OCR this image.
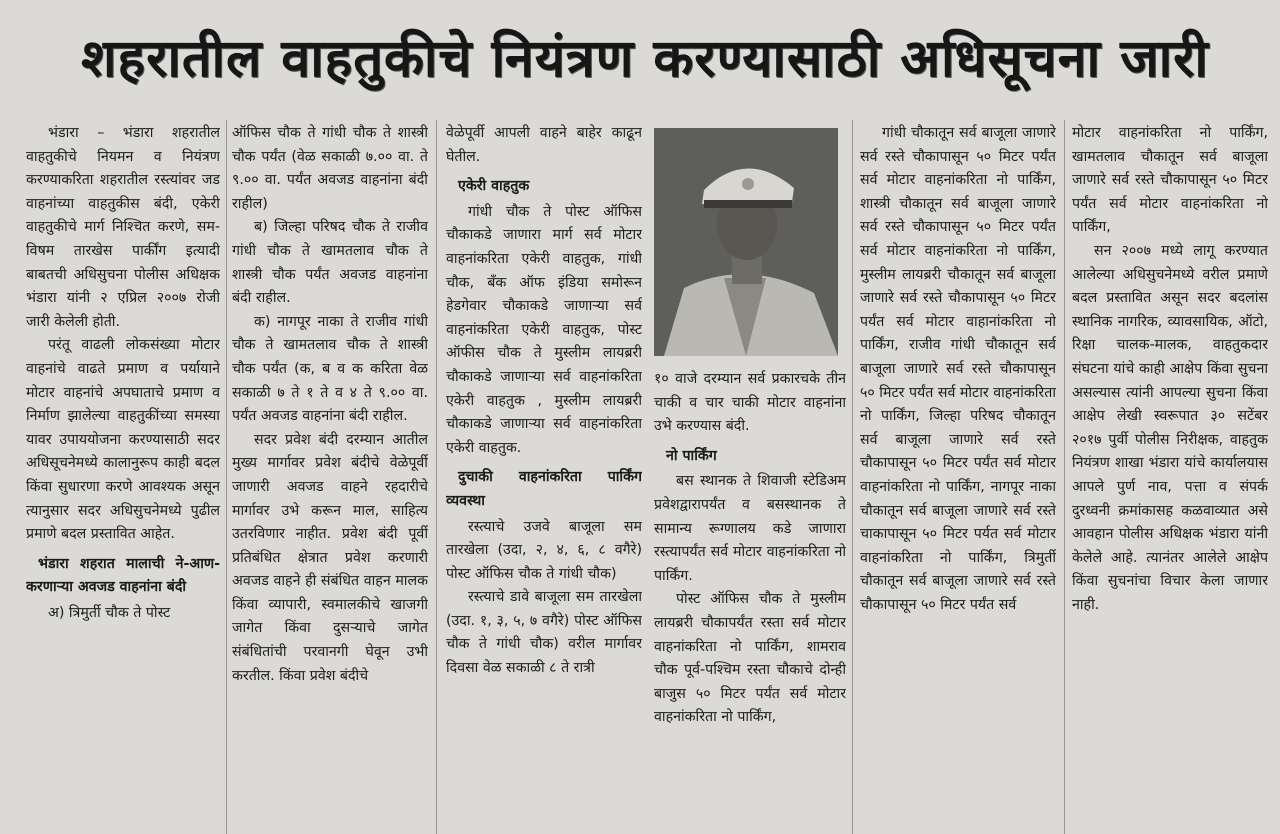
शहरातील वाहतुकीचे नियंत्रण करण्यासाठी अधिसूचना जारी

भंडारा – भंडारा शहरातील वाहतुकीचे नियमन व नियंत्रण करण्याकरिता शहरातील रस्त्यांवर जड वाहनांच्या वाहतुकीस बंदी, एकेरी वाहतुकीचे मार्ग निश्चित करणे, सम-विषम तारखेस पार्कींग इत्यादी बाबतची अधिसुचना पोलीस अधिक्षक भंडारा यांनी २ एप्रिल २००७ रोजी जारी केलेली होती.

परंतू वाढली लोकसंख्या मोटार वाहनांचे वाढते प्रमाण व पर्यायाने मोटार वाहनांचे अपघाताचे प्रमाण व निर्माण झालेल्या वाहतुकींच्या समस्या यावर उपाययोजना करण्यासाठी सदर अधिसूचनेमध्ये कालानुरूप काही बदल किंवा सुधारणा करणे आवश्यक असून त्यानुसार सदर अधिसुचनेमध्ये पुढील प्रमाणे बदल प्रस्तावित आहेत.

भंडारा शहरात मालाची ने-आण-करणाऱ्या अवजड वाहनांना बंदी

अ) त्रिमुर्ती चौक ते पोस्ट

ऑफिस चौक ते गांधी चौक ते शास्त्री चौक पर्यंत (वेळ सकाळी ७.०० वा. ते ९.०० वा. पर्यंत अवजड वाहनांना बंदी राहील)

ब) जिल्हा परिषद चौक ते राजीव गांधी चौक ते खामतलाव चौक ते शास्त्री चौक पर्यंत अवजड वाहनांना बंदी राहील.

क) नागपूर नाका ते राजीव गांधी चौक ते खामतलाव चौक ते शास्त्री चौक पर्यंत (क, ब व क करिता वेळ सकाळी ७ ते १ ते व ४ ते ९.०० वा. पर्यंत अवजड वाहनांना बंदी राहील.

सदर प्रवेश बंदी दरम्यान आतील मुख्य मार्गावर प्रवेश बंदीचे वेळेपूर्वी जाणारी अवजड वाहने रहदारीचे मार्गावर उभे करून माल, साहित्य उतरविणार नाहीत. प्रवेश बंदी पूर्वी प्रतिबंधित क्षेत्रात प्रवेश करणारी अवजड वाहने ही संबंधित वाहन मालक किंवा व्यापारी, स्वमालकीचे खाजगी जागेत किंवा दुसऱ्याचे जागेत संबंधितांची परवानगी घेवून उभी करतील. किंवा प्रवेश बंदीचे

वेळेपूर्वी आपली वाहने बाहेर काढून घेतील.

एकेरी वाहतुक

गांधी चौक ते पोस्ट ऑफिस चौकाकडे जाणारा मार्ग सर्व मोटार वाहनांकरिता एकेरी वाहतुक, गांधी चौक, बँक ऑफ इंडिया समोरून हेडगेवार चौकाकडे जाणाऱ्या सर्व वाहनांकरिता एकेरी वाहतुक, पोस्ट ऑफीस चौक ते मुस्लीम लायब्ररी चौकाकडे जाणाऱ्या सर्व वाहनांकरिता एकेरी वाहतुक , मुस्लीम लायब्ररी चौकाकडे जाणाऱ्या सर्व वाहनांकरिता एकेरी वाहतुक.

दुचाकी वाहनांकरिता पार्किंग व्यवस्था

रस्त्याचे उजवे बाजूला सम तारखेला (उदा, २, ४, ६, ८ वगैरे) पोस्ट ऑफिस चौक ते गांधी चौक)

रस्त्याचे डावे बाजूला सम तारखेला (उदा. १, ३, ५, ७ वगैरे) पोस्ट ऑफिस चौक ते गांधी चौक) वरील मार्गावर दिवसा वेळ सकाळी ८ ते रात्री

१० वाजे दरम्यान सर्व प्रकारचके तीन चाकी व चार चाकी मोटार वाहनांना उभे करण्यास बंदी.

नो पार्किंग

बस स्थानक ते शिवाजी स्टेडिअम प्रवेशद्वारापर्यंत व बसस्थानक ते सामान्य रूग्णालय कडे जाणारा रस्त्यापर्यंत सर्व मोटार वाहनांकरिता नो पार्किंग.

पोस्ट ऑफिस चौक ते मुस्लीम लायब्ररी चौकापर्यंत रस्ता सर्व मोटार वाहनांकरिता नो पार्किंग, शामराव चौक पूर्व-पश्चिम रस्ता चौकाचे दोन्ही बाजुस ५० मिटर पर्यंत सर्व मोटार वाहनांकरिता नो पार्किंग,

गांधी चौकातून सर्व बाजूला जाणारे सर्व रस्ते चौकापासून ५० मिटर पर्यंत सर्व मोटार वाहनांकरिता नो पार्किंग, शास्त्री चौकातून सर्व बाजूला जाणारे सर्व रस्ते चौकापासून ५० मिटर पर्यंत सर्व मोटार वाहनांकरिता नो पार्किंग, मुस्लीम लायब्ररी चौकातून सर्व बाजूला जाणारे सर्व रस्ते चौकापासून ५० मिटर पर्यंत सर्व मोटार वाहानांकरिता नो पार्किंग, राजीव गांधी चौकातून सर्व बाजूला जाणारे सर्व रस्ते चौकापासून ५० मिटर पर्यंत सर्व मोटार वाहनांकरिता नो पार्किंग, जिल्हा परिषद चौकातून सर्व बाजूला जाणारे सर्व रस्ते चौकापासून ५० मिटर पर्यंत सर्व मोटार वाहनांकरिता नो पार्किंग, नागपूर नाका चौकातून सर्व बाजूला जाणारे सर्व रस्ते चाकापासून ५० मिटर पर्यत सर्व मोटार वाहनांकरिता नो पार्किंग, त्रिमुर्ती चौकातून सर्व बाजूला जाणारे सर्व रस्ते चौकापासून ५० मिटर पर्यंत सर्व

मोटार वाहनांकरिता नो पार्किंग, खामतलाव चौकातून सर्व बाजूला जाणारे सर्व रस्ते चौकापासून ५० मिटर पर्यंत सर्व मोटार वाहनांकरिता नो पार्किंग,

सन २००७ मध्ये लागू करण्यात आलेल्या अधिसुचनेमध्ये वरील प्रमाणे बदल प्रस्तावित असून सदर बदलांस स्थानिक नागरिक, व्यावसायिक, ऑटो, रिक्षा चालक-मालक, वाहतुकदार संघटना यांचे काही आक्षेप किंवा सुचना असल्यास त्यांनी आपल्या सुचना किंवा आक्षेप लेखी स्वरूपात ३० सटेंबर २०१७ पुर्वी पोलीस निरीक्षक, वाहतुक नियंत्रण शाखा भंडारा यांचे कार्यालयास आपले पुर्ण नाव, पत्ता व संपर्क दुरध्वनी क्रमांकासह कळवाव्यात असे आवहान पोलीस अधिक्षक भंडारा यांनी केलेले आहे. त्यानंतर आलेले आक्षेप किंवा सुचनांचा विचार केला जाणार नाही.
